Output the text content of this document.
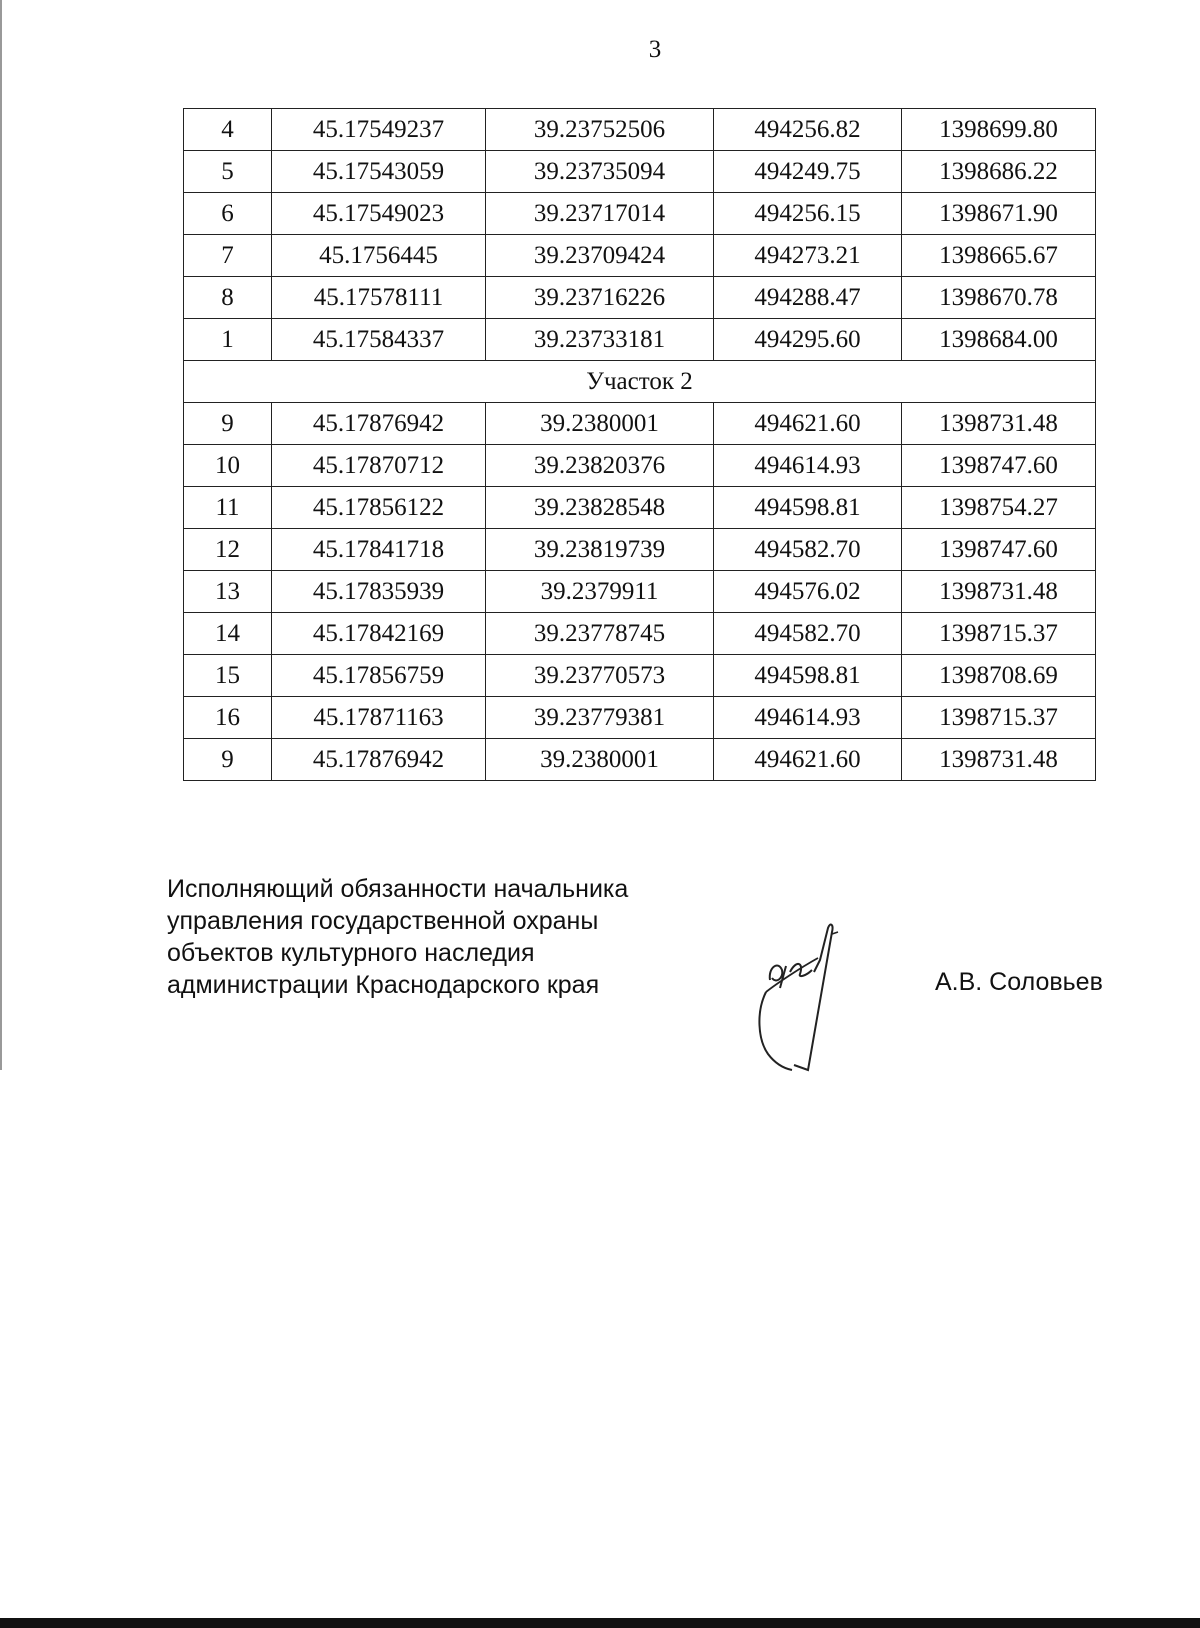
3
4	45.17549237	39.23752506	494256.82	1398699.80
5	45.17543059	39.23735094	494249.75	1398686.22
6	45.17549023	39.23717014	494256.15	1398671.90
7	45.1756445	39.23709424	494273.21	1398665.67
8	45.17578111	39.23716226	494288.47	1398670.78
1	45.17584337	39.23733181	494295.60	1398684.00
Участок 2				
9	45.17876942	39.2380001	494621.60	1398731.48
10	45.17870712	39.23820376	494614.93	1398747.60
11	45.17856122	39.23828548	494598.81	1398754.27
12	45.17841718	39.23819739	494582.70	1398747.60
13	45.17835939	39.2379911	494576.02	1398731.48
14	45.17842169	39.23778745	494582.70	1398715.37
15	45.17856759	39.23770573	494598.81	1398708.69
16	45.17871163	39.23779381	494614.93	1398715.37
9	45.17876942	39.2380001	494621.60	1398731.48
Исполняющий обязанности начальника
управления государственной охраны
объектов культурного наследия
администрации Краснодарского края	А.В. Соловьев
